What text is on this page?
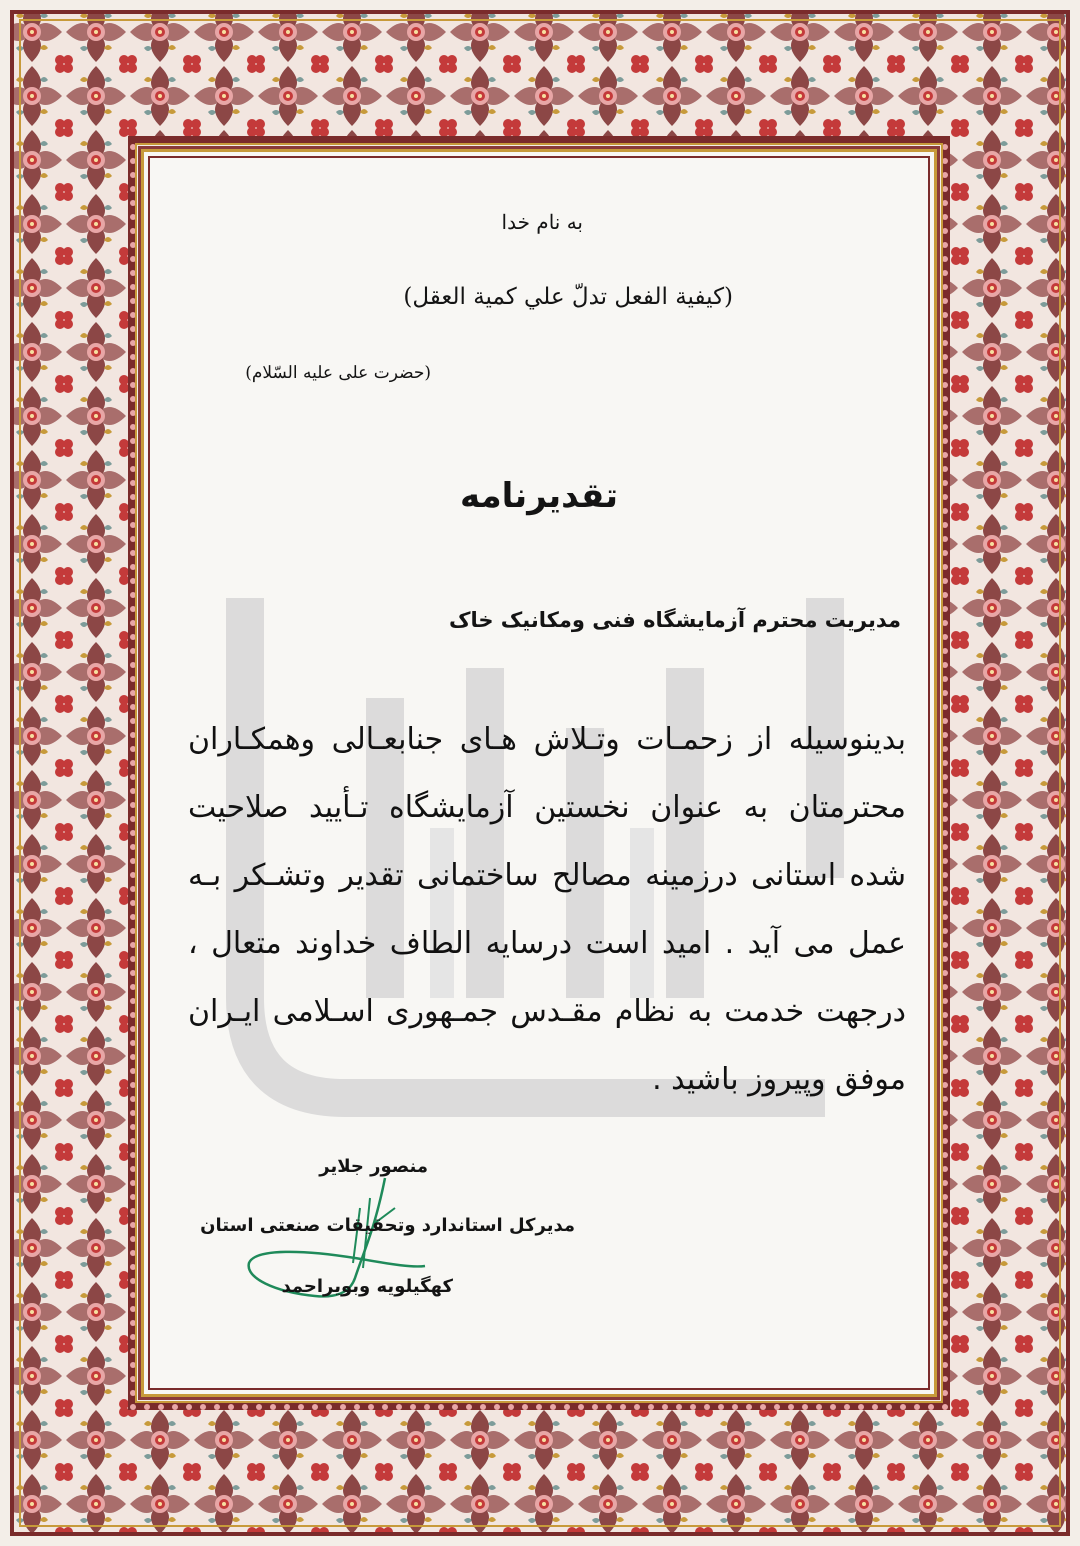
به نام خدا
(كيفية الفعل تدلّ علي كمية العقل)
(حضرت علی علیه السّلام)
تقدیرنامه
مدیریت محترم آزمایشگاه فنی ومکانیک خاک
بدینوسیله از زحمـات وتـلاش هـای جنابعـالی وهمکـاران
محترمتان به عنوان نخستین آزمایشگاه تـأیید صلاحیت
شده استانی درزمینه مصالح ساختمانی تقدیر وتشـکر بـه
عمل می آید . امید است درسایه الطاف خداوند متعال ،
درجهت خدمت به نظام مقـدس جمـهوری اسـلامی ایـران
موفق وپیروز باشید .
منصور جلایر
مدیرکل استاندارد وتحقیقات صنعتی استان
کهگیلویه وبویراحمد
